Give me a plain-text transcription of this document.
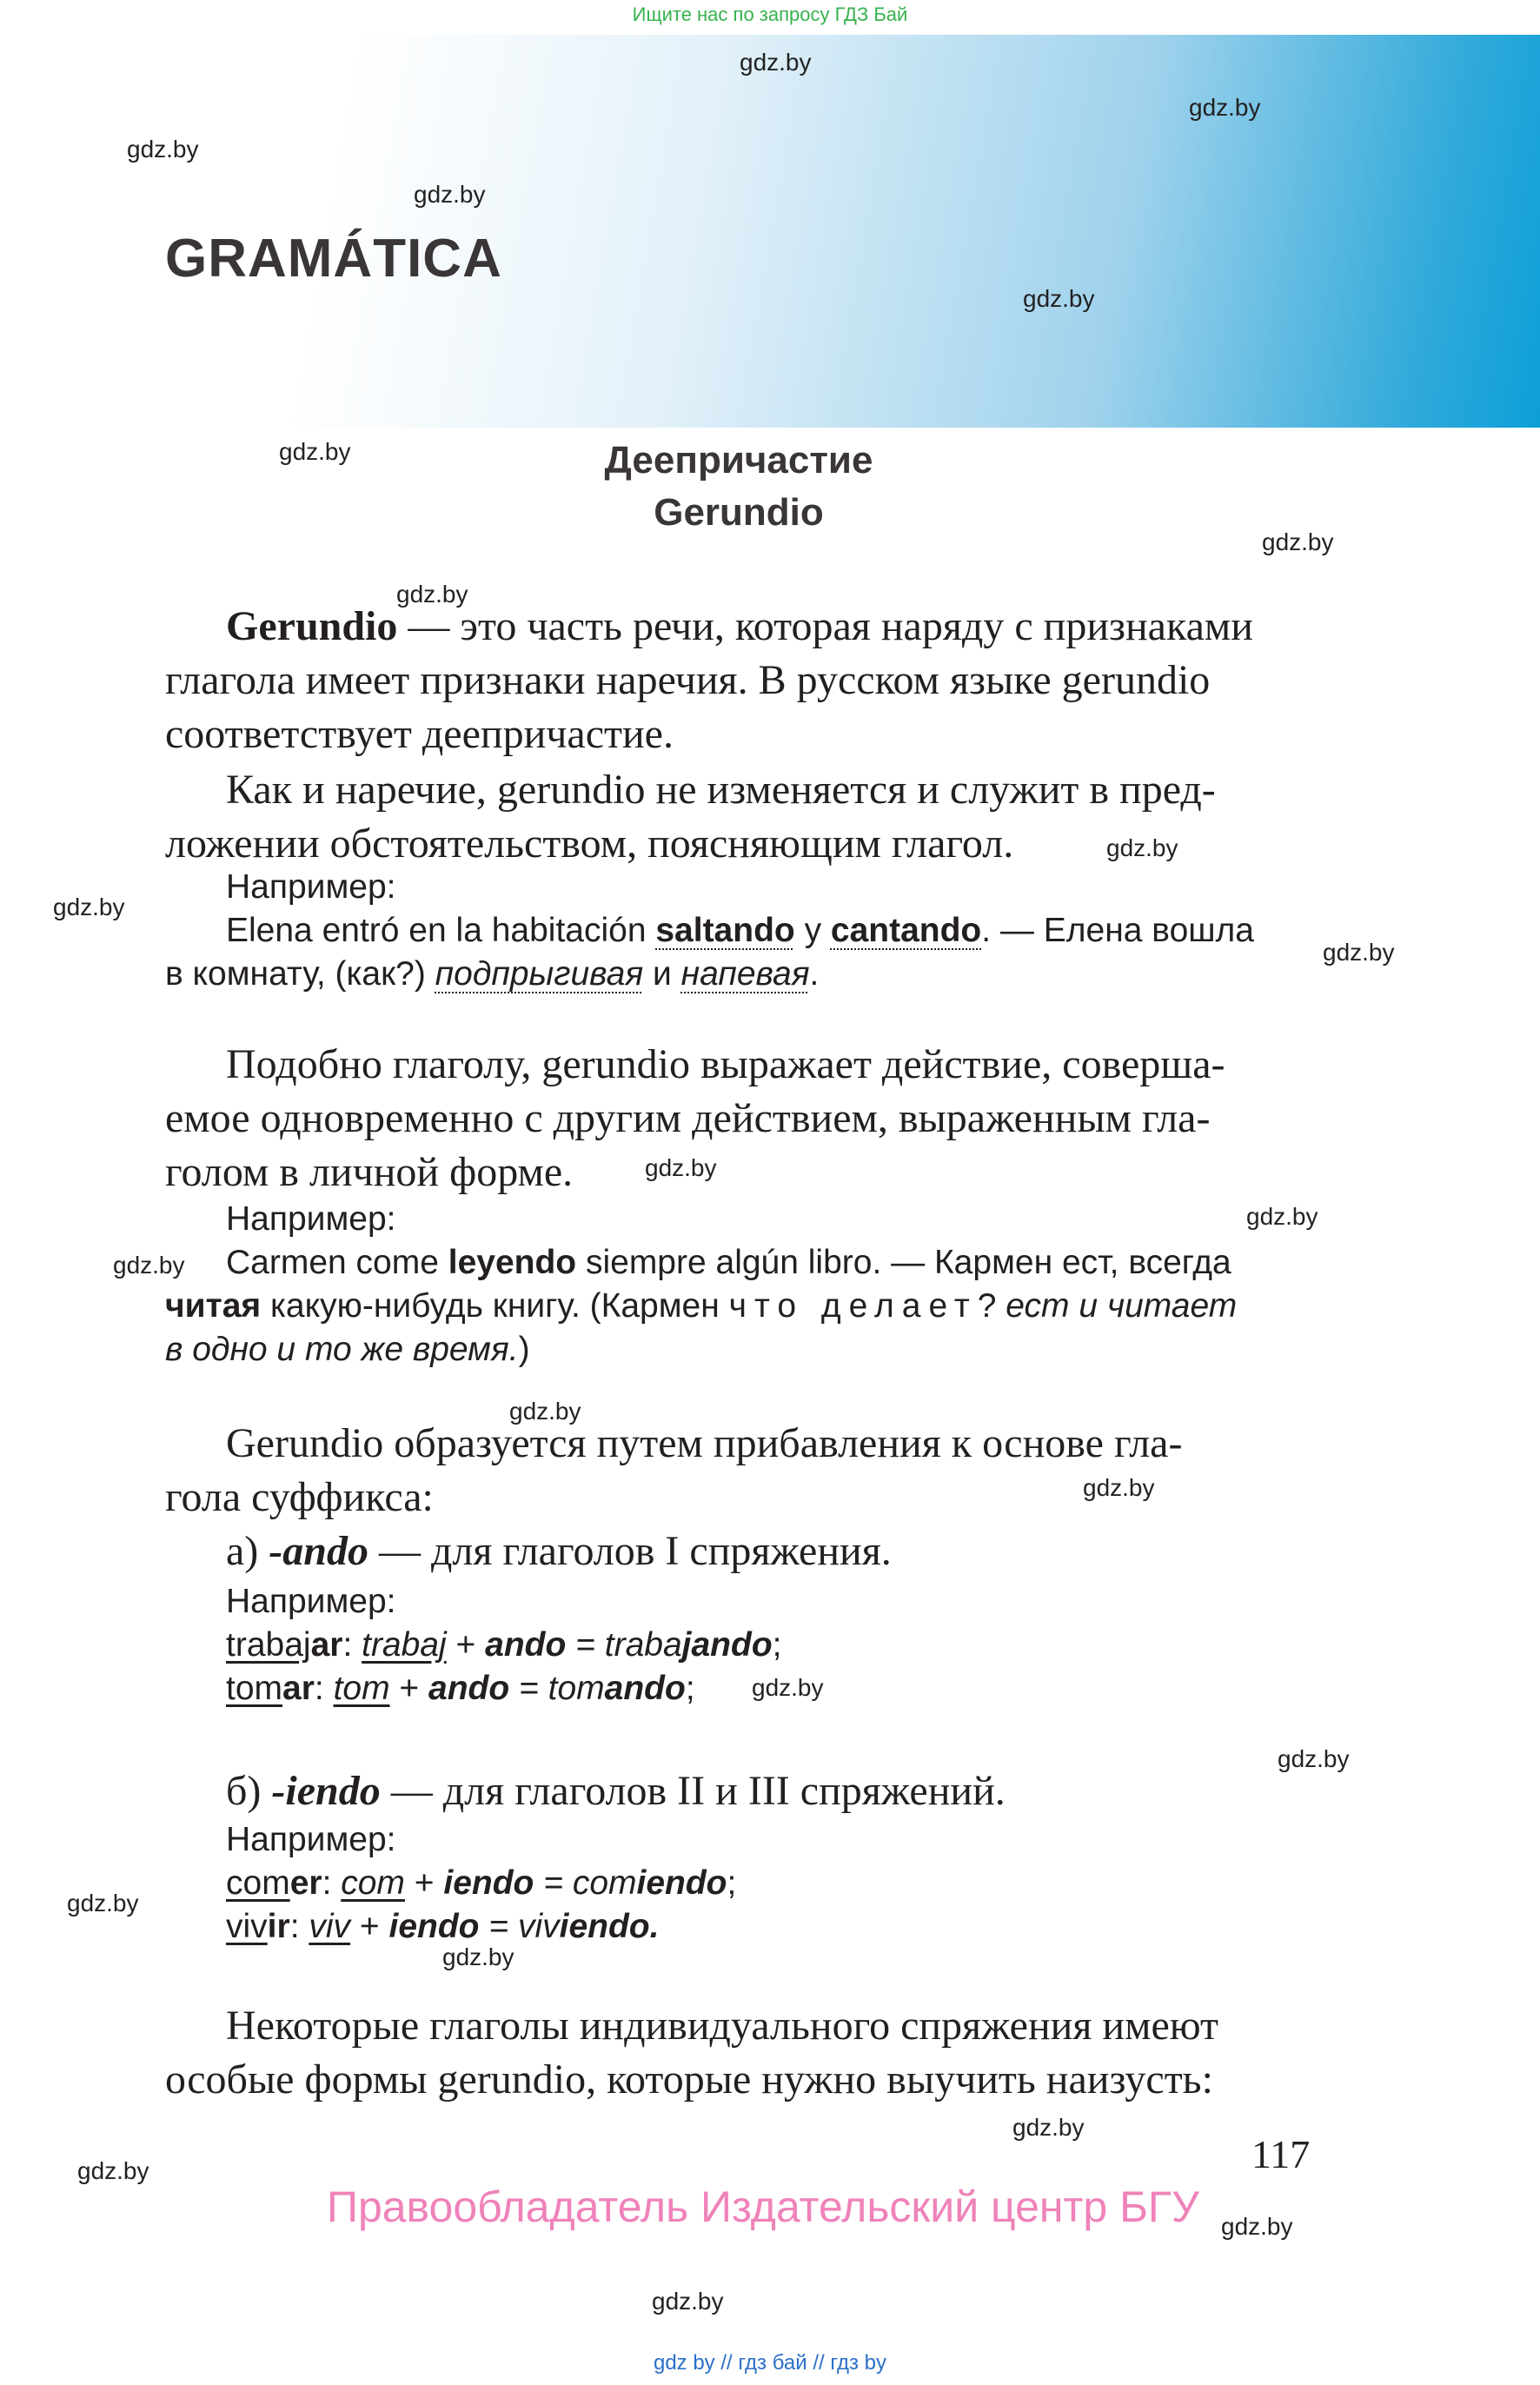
Ищите нас по запросу ГДЗ Бай
GRAMÁTICA
Деепричастие
Gerundio
gdz.by
gdz.by
gdz.by
gdz.by
gdz.by
gdz.by
gdz.by
gdz.by
gdz.by
gdz.by
gdz.by
gdz.by
gdz.by
gdz.by
gdz.by
gdz.by
gdz.by
gdz.by
gdz.by
gdz.by
gdz.by
gdz.by
gdz.by
gdz.by
Gerundio — это часть речи, которая наряду с признаками
глагола имеет признаки наречия. В русском языке gerundio
соответствует деепричастие.
Как и наречие, gerundio не изменяется и служит в пред-
ложении обстоятельством, поясняющим глагол.
Например:
Elena entró en la habitación saltando y cantando. — Елена вошла
в комнату, (как?) подпрыгивая и напевая.
Подобно глаголу, gerundio выражает действие, соверша-
емое одновременно с другим действием, выраженным гла-
голом в личной форме.
Например:
Carmen come leyendo siempre algún libro. — Кармен ест, всегда
читая какую-нибудь книгу. (Кармен что делает? ест и читает
в одно и то же время.)
Gerundio образуется путем прибавления к основе гла-
гола суффикса:
а) -ando — для глаголов I спряжения.
Например:
trabajar: trabaj + ando = trabajando;
tomar: tom + ando = tomando;
б) -iendo — для глаголов II и III спряжений.
Например:
comer: com + iendo = comiendo;
vivir: viv + iendo = viviendo.
Некоторые глаголы индивидуального спряжения имеют
особые формы gerundio, которые нужно выучить наизусть:
117
Правообладатель Издательский центр БГУ
gdz by // гдз бай // гдз by
